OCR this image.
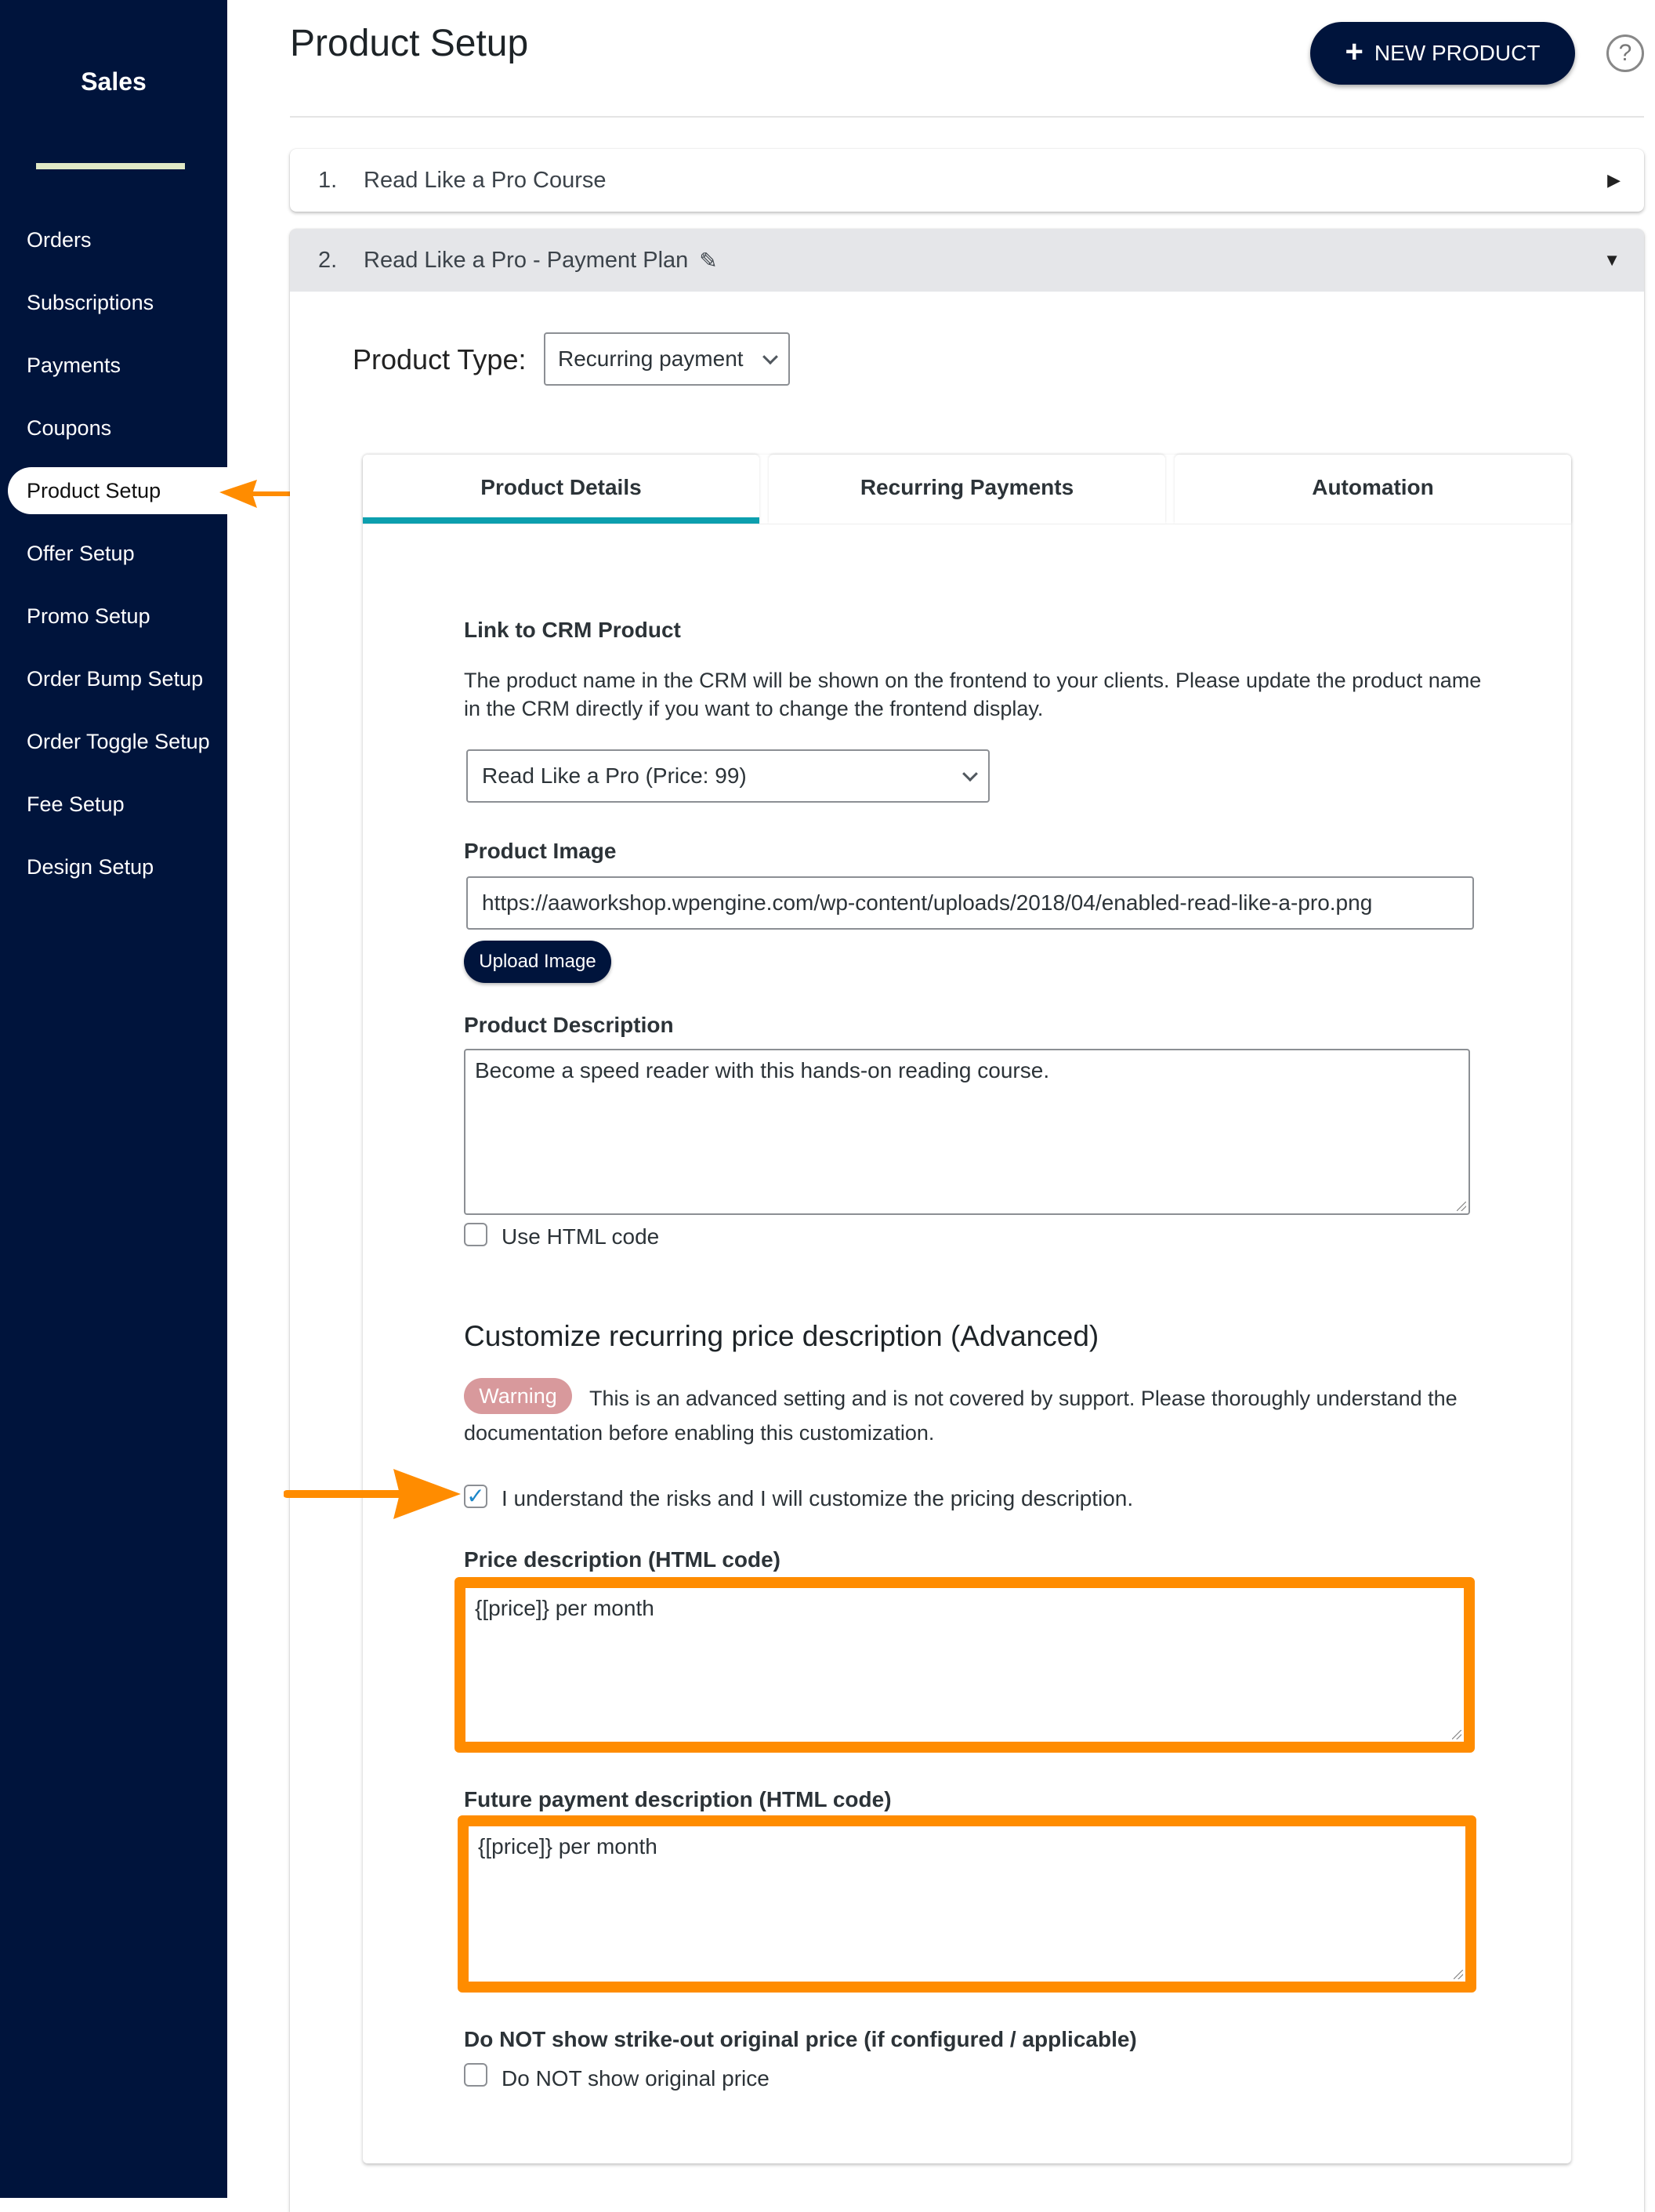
Sales
Orders
Subscriptions
Payments
Coupons
Product Setup
Offer Setup
Promo Setup
Order Bump Setup
Order Toggle Setup
Fee Setup
Design Setup
Product Setup	+ NEW PRODUCT	?
1.	Read Like a Pro Course	▶
2.	Read Like a Pro - Payment Plan ✎	▼
Product Type: Recurring payment
Product Details	Recurring Payments	Automation
Link to CRM Product
The product name in the CRM will be shown on the frontend to your clients. Please update the product name in the CRM directly if you want to change the frontend display.
Read Like a Pro (Price: 99)
Product Image
https://aaworkshop.wpengine.com/wp-content/uploads/2018/04/enabled-read-like-a-pro.png
Upload Image
Product Description
Become a speed reader with this hands-on reading course.
Use HTML code
Customize recurring price description (Advanced)
This is an advanced setting and is not covered by support. Please thoroughly understand the documentation before enabling this customization.
Warning
✓ I understand the risks and I will customize the pricing description.
Price description (HTML code)
{[price]} per month
Future payment description (HTML code)
{[price]} per month
Do NOT show strike-out original price (if configured / applicable)
Do NOT show original price
